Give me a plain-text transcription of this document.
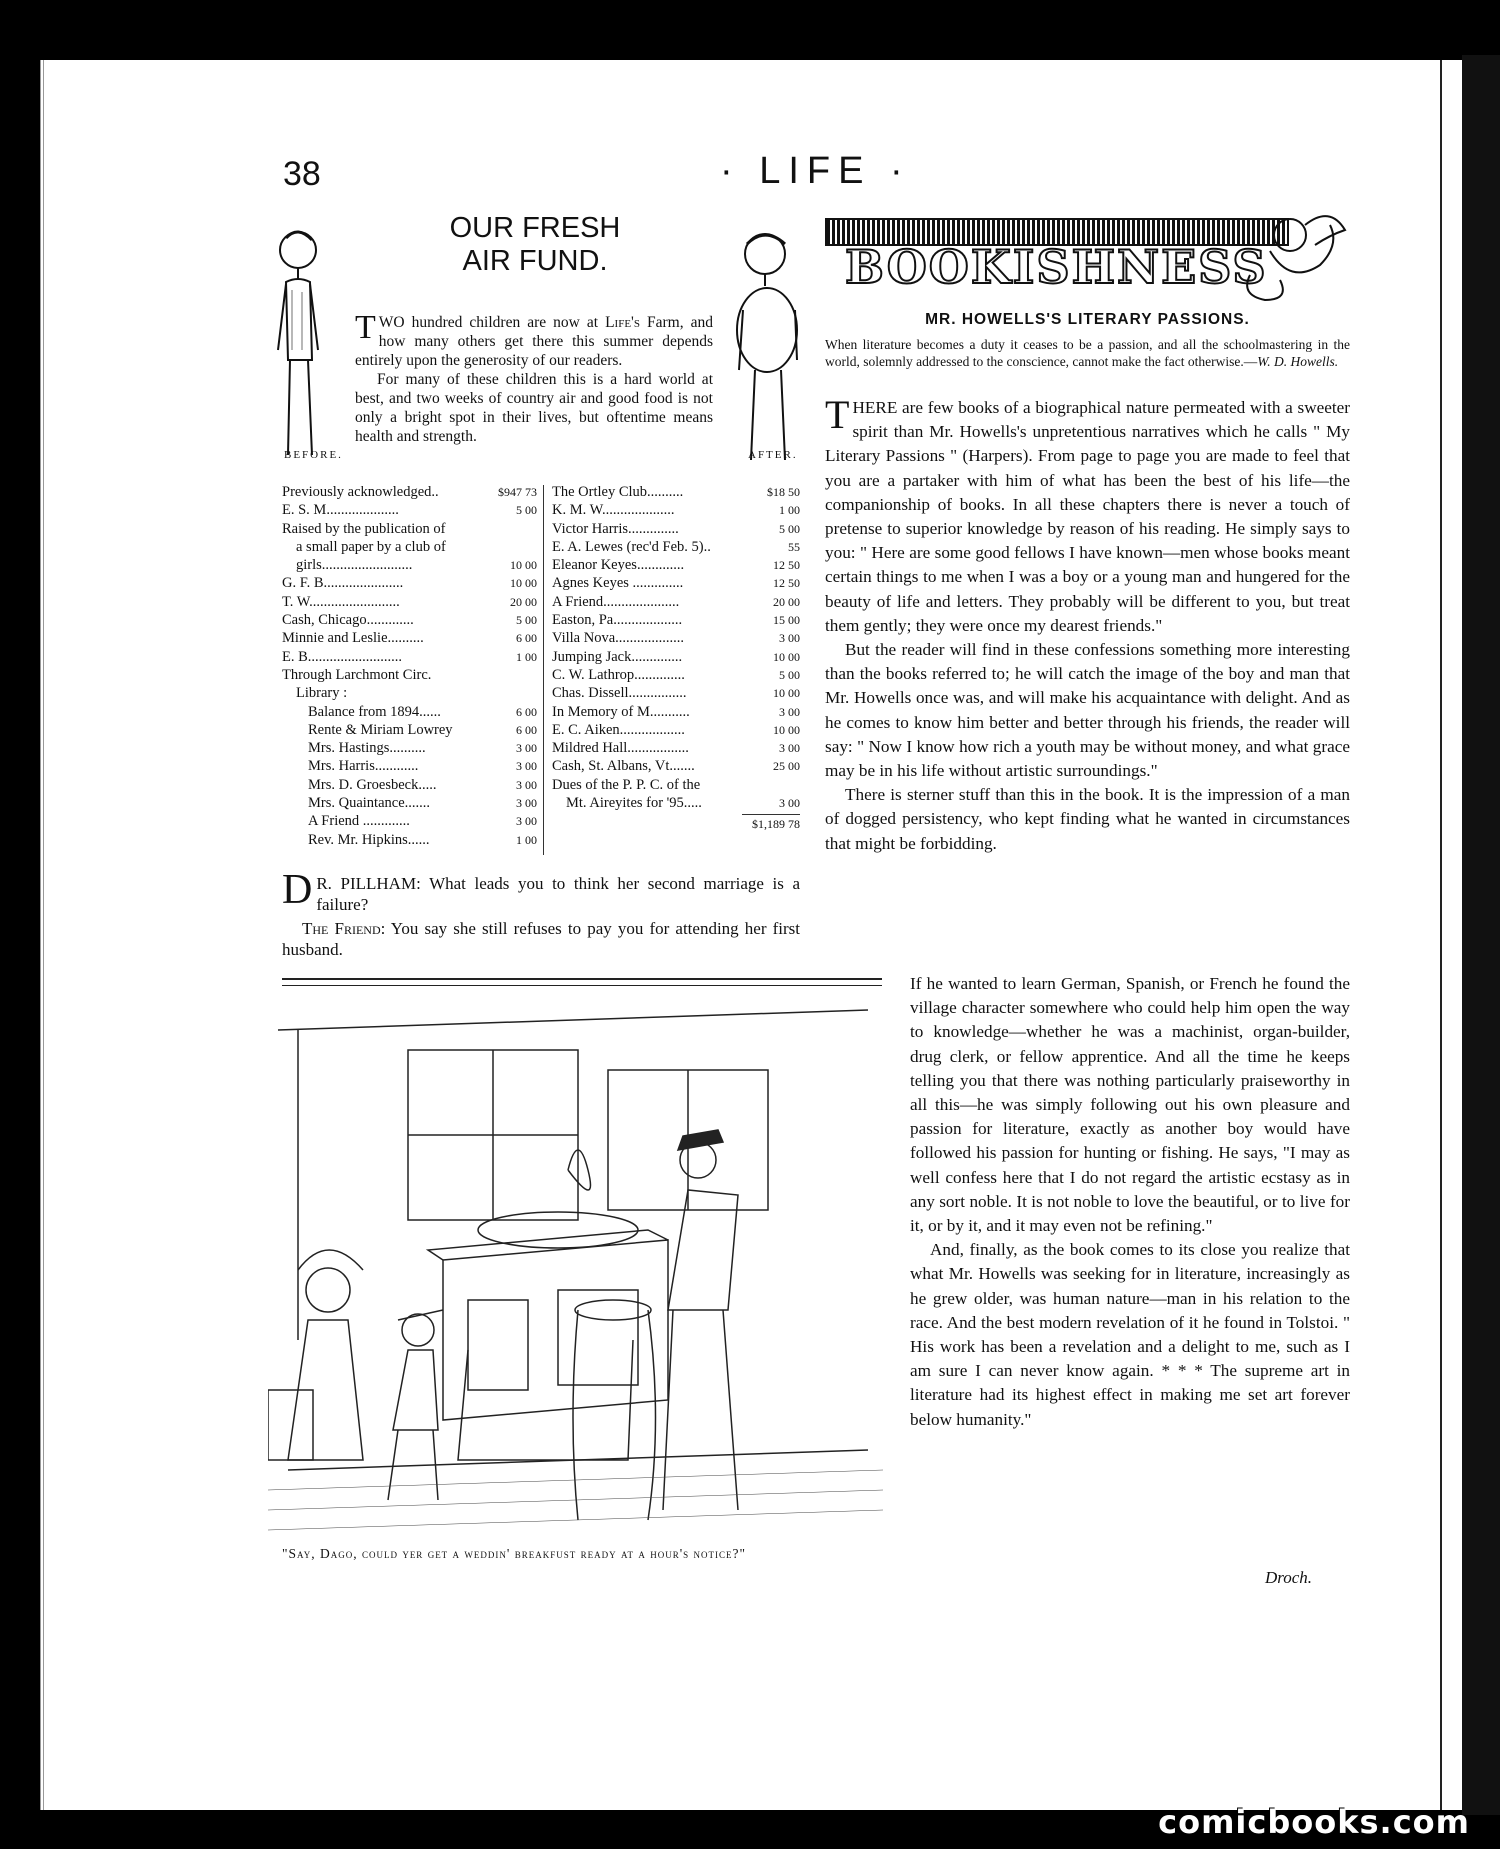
38	· LIFE ·
BEFORE.	AFTER.
OUR FRESH AIR FUND.

TWO hundred children are now at Life's Farm, and how many others get there this summer depends entirely upon the generosity of our readers.

For many of these children this is a hard world at best, and two weeks of country air and good food is not only a bright spot in their lives, but oftentime means health and strength.

Previously acknowledged..	$947 73
E. S. M....................	5 00
Raised by the publication of
a small paper by a club of
girls.........................	10 00
G. F. B......................	10 00
T. W.........................	20 00
Cash, Chicago.............	5 00
Minnie and Leslie..........	6 00
E. B..........................	1 00
Through Larchmont Circ.
Library :
Balance from 1894......	6 00
Rente & Miriam Lowrey	6 00
Mrs. Hastings..........	3 00
Mrs. Harris............	3 00
Mrs. D. Groesbeck.....	3 00
Mrs. Quaintance.......	3 00
A Friend .............	3 00
Rev. Mr. Hipkins......	1 00
The Ortley Club..........	$18 50
K. M. W....................	1 00
Victor Harris..............	5 00
E. A. Lewes (rec'd Feb. 5)..	55
Eleanor Keyes.............	12 50
Agnes Keyes ..............	12 50
A Friend.....................	20 00
Easton, Pa...................	15 00
Villa Nova...................	3 00
Jumping Jack..............	10 00
C. W. Lathrop..............	5 00
Chas. Dissell................	10 00
In Memory of M...........	3 00
E. C. Aiken..................	10 00
Mildred Hall.................	3 00
Cash, St. Albans, Vt.......	25 00
Dues of the P. P. C. of the
Mt. Aireyites for '95.....	3 00
$1,189 78

D R. PILLHAM: What leads you to think her second marriage is a failure?

The Friend: You say she still refuses to pay you for attending her first husband.

"Say, Dago, could yer get a weddin' breakfust ready at a hour's notice?"
BOOKISHNESS
MR. HOWELLS'S LITERARY PASSIONS.
When literature becomes a duty it ceases to be a passion, and all the schoolmastering in the world, solemnly addressed to the conscience, cannot make the fact otherwise.—W. D. Howells.

THERE are few books of a biographical nature permeated with a sweeter spirit than Mr. Howells's unpretentious narratives which he calls " My Literary Passions " (Harpers). From page to page you are made to feel that you are a partaker with him of what has been the best of his life—the companionship of books. In all these chapters there is never a touch of pretense to superior knowledge by reason of his reading. He simply says to you: " Here are some good fellows I have known—men whose books meant certain things to me when I was a boy or a young man and hungered for the beauty of life and letters. They probably will be different to you, but treat them gently; they were once my dearest friends."

But the reader will find in these confessions something more interesting than the books referred to; he will catch the image of the boy and man that Mr. Howells once was, and will make his acquaintance with delight. And as he comes to know him better and better through his friends, the reader will say: " Now I know how rich a youth may be without money, and what grace may be in his life without artistic surroundings."

There is sterner stuff than this in the book. It is the impression of a man of dogged persistency, who kept finding what he wanted in circumstances that might be forbidding.

If he wanted to learn German, Spanish, or French he found the village character somewhere who could help him open the way to knowledge—whether he was a machinist, organ-builder, drug clerk, or fellow apprentice. And all the time he keeps telling you that there was nothing particularly praiseworthy in all this—he was simply following out his own pleasure and passion for literature, exactly as another boy would have followed his passion for hunting or fishing. He says, "I may as well confess here that I do not regard the artistic ecstasy as in any sort noble. It is not noble to love the beautiful, or to live for it, or by it, and it may even not be refining."

And, finally, as the book comes to its close you realize that what Mr. Howells was seeking for in literature, increasingly as he grew older, was human nature—man in his relation to the race. And the best modern revelation of it he found in Tolstoi. " His work has been a revelation and a delight to me, such as I am sure I can never know again. * * * The supreme art in literature had its highest effect in making me set art forever below humanity."

Droch.
comicbooks.com
